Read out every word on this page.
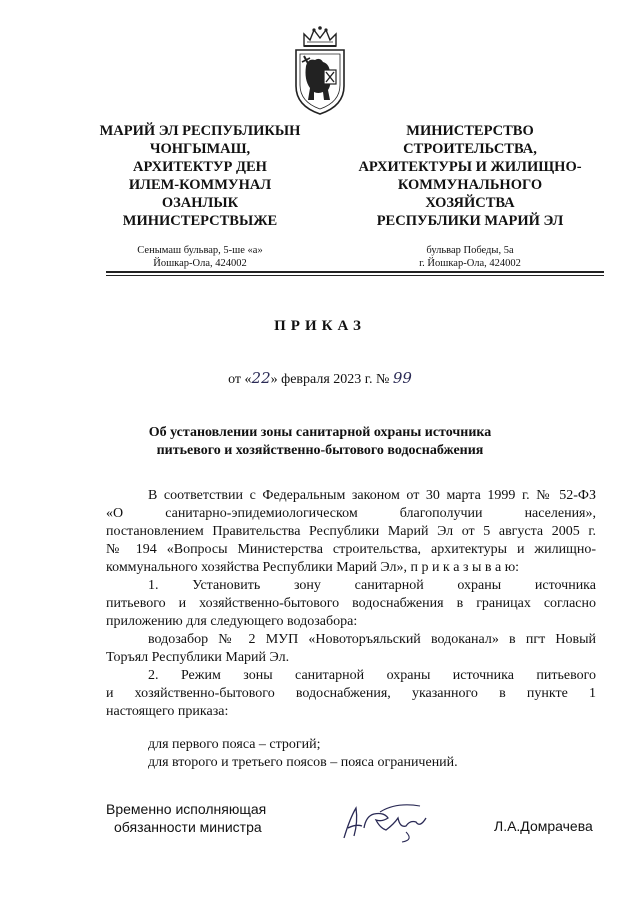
МАРИЙ ЭЛ РЕСПУБЛИКЫН
ЧОНГЫМАШ,
АРХИТЕКТУР ДЕН
ИЛЕМ-КОММУНАЛ
ОЗАНЛЫК
МИНИСТЕРСТВЫЖЕ
МИНИСТЕРСТВО
СТРОИТЕЛЬСТВА,
АРХИТЕКТУРЫ И ЖИЛИЩНО-
КОММУНАЛЬНОГО
ХОЗЯЙСТВА
РЕСПУБЛИКИ МАРИЙ ЭЛ
Сенымаш бульвар, 5-ше «а»
Йошкар-Ола, 424002
бульвар Победы, 5а
г. Йошкар-Ола, 424002
ПРИКАЗ
от «22» февраля 2023 г. № 99
Об установлении зоны санитарной охраны источника
питьевого и хозяйственно-бытового водоснабжения
В соответствии с Федеральным законом от 30 марта 1999 г. № 52-ФЗ
«О санитарно-эпидемиологическом благополучии населения»,
постановлением Правительства Республики Марий Эл от 5 августа 2005 г.
№ 194 «Вопросы Министерства строительства, архитектуры и жилищно-
коммунального хозяйства Республики Марий Эл», п р и к а з ы в а ю:
1. Установить зону санитарной охраны источника
питьевого и хозяйственно-бытового водоснабжения в границах согласно
приложению для следующего водозабора:
водозабор № 2 МУП «Новоторъяльский водоканал» в пгт Новый
Торъял Республики Марий Эл.
2. Режим зоны санитарной охраны источника питьевого
и хозяйственно-бытового водоснабжения, указанного в пункте 1
настоящего приказа:
для первого пояса – строгий;
для второго и третьего поясов – пояса ограничений.
Временно исполняющая
обязанности министра	Л.А.Домрачева
